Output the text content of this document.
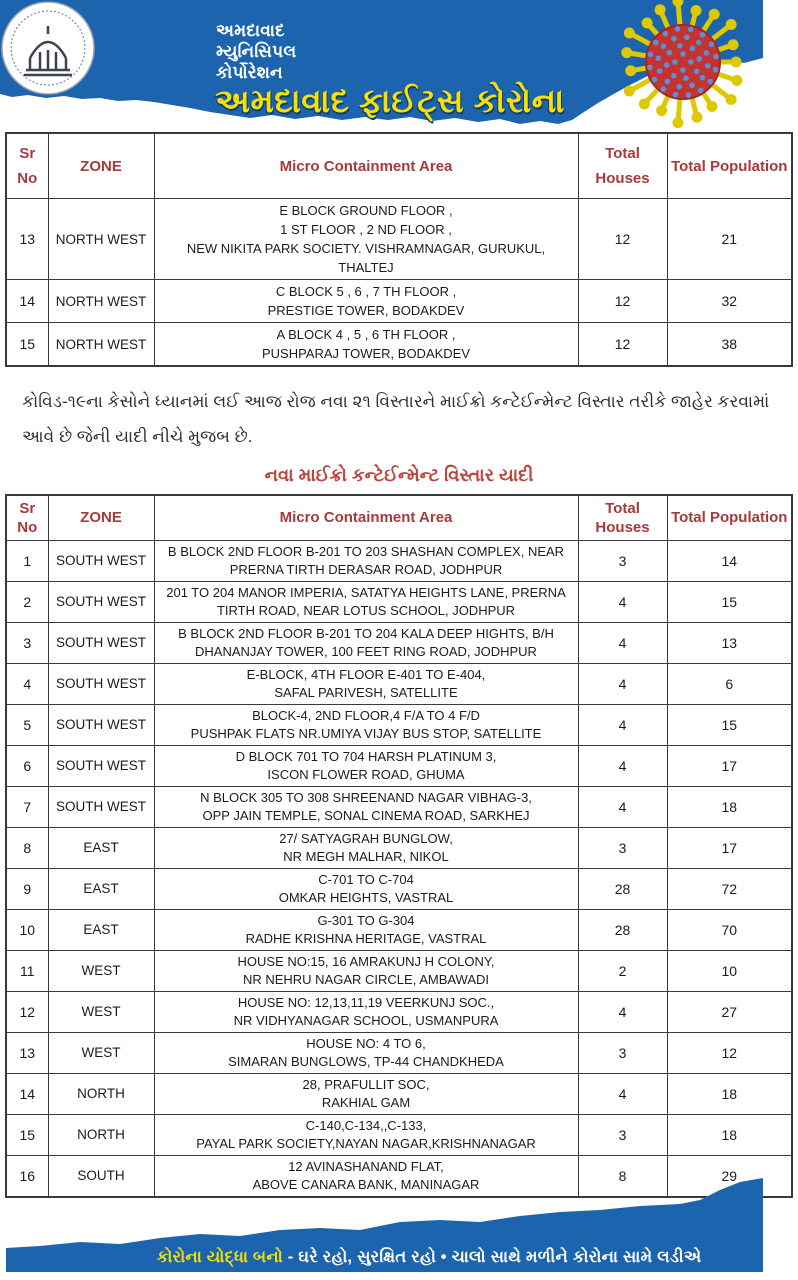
અમદાવાદ
મ્યુનિસિપલ
કોર્પોરેશન
અમદાવાદ ફાઈટ્સ કોરોના
Sr No	ZONE	Micro Containment Area	Total Houses	Total Population
13	NORTH WEST	E BLOCK GROUND FLOOR ,
1 ST FLOOR , 2 ND FLOOR ,
NEW NIKITA PARK SOCIETY. VISHRAMNAGAR, GURUKUL, THALTEJ	12	21
14	NORTH WEST	C BLOCK 5 , 6 , 7 TH FLOOR ,
PRESTIGE TOWER, BODAKDEV	12	32
15	NORTH WEST	A BLOCK 4 , 5 , 6 TH FLOOR ,
PUSHPARAJ TOWER, BODAKDEV	12	38
કોવિડ-૧૯ના કેસોને ધ્યાનમાં લઈ આજ રોજ નવા ૨૧ વિસ્તારને માઈક્રો કન્ટેઈન્મેન્ટ વિસ્તાર તરીકે જાહેર કરવામાં આવે છે જેની યાદી નીચે મુજબ છે.
નવા માઈક્રો કન્ટેઈન્મેન્ટ વિસ્તાર યાદી
Sr No	ZONE	Micro Containment Area	Total Houses	Total Population
1	SOUTH WEST	B BLOCK 2ND FLOOR B-201 TO 203 SHASHAN COMPLEX, NEAR
PRERNA TIRTH DERASAR ROAD, JODHPUR	3	14
2	SOUTH WEST	201 TO 204 MANOR IMPERIA, SATATYA HEIGHTS LANE, PRERNA
TIRTH ROAD, NEAR LOTUS SCHOOL, JODHPUR	4	15
3	SOUTH WEST	B BLOCK 2ND FLOOR B-201 TO 204 KALA DEEP HIGHTS, B/H
DHANANJAY TOWER, 100 FEET RING ROAD, JODHPUR	4	13
4	SOUTH WEST	E-BLOCK, 4TH FLOOR E-401 TO E-404,
SAFAL PARIVESH, SATELLITE	4	6
5	SOUTH WEST	BLOCK-4, 2ND FLOOR,4 F/A TO 4 F/D
PUSHPAK FLATS NR.UMIYA VIJAY BUS STOP, SATELLITE	4	15
6	SOUTH WEST	D BLOCK 701 TO 704 HARSH PLATINUM 3,
ISCON FLOWER ROAD, GHUMA	4	17
7	SOUTH WEST	N BLOCK 305 TO 308 SHREENAND NAGAR VIBHAG-3,
OPP JAIN TEMPLE, SONAL CINEMA ROAD, SARKHEJ	4	18
8	EAST	27/ SATYAGRAH BUNGLOW,
NR MEGH MALHAR, NIKOL	3	17
9	EAST	C-701 TO C-704
OMKAR HEIGHTS, VASTRAL	28	72
10	EAST	G-301 TO G-304
RADHE KRISHNA HERITAGE, VASTRAL	28	70
11	WEST	HOUSE NO:15, 16 AMRAKUNJ H COLONY,
NR NEHRU NAGAR CIRCLE, AMBAWADI	2	10
12	WEST	HOUSE NO: 12,13,11,19 VEERKUNJ SOC.,
NR VIDHYANAGAR SCHOOL, USMANPURA	4	27
13	WEST	HOUSE NO: 4 TO 6,
SIMARAN BUNGLOWS, TP-44 CHANDKHEDA	3	12
14	NORTH	28, PRAFULLIT SOC,
RAKHIAL GAM	4	18
15	NORTH	C-140,C-134,,C-133,
PAYAL PARK SOCIETY,NAYAN NAGAR,KRISHNANAGAR	3	18
16	SOUTH	12 AVINASHANAND FLAT,
ABOVE CANARA BANK, MANINAGAR	8	29
કોરોના યોદ્ધા બનો - ઘરે રહો, સુરક્ષિત રહો • ચાલો સાથે મળીને કોરોના સામે લડીએ
